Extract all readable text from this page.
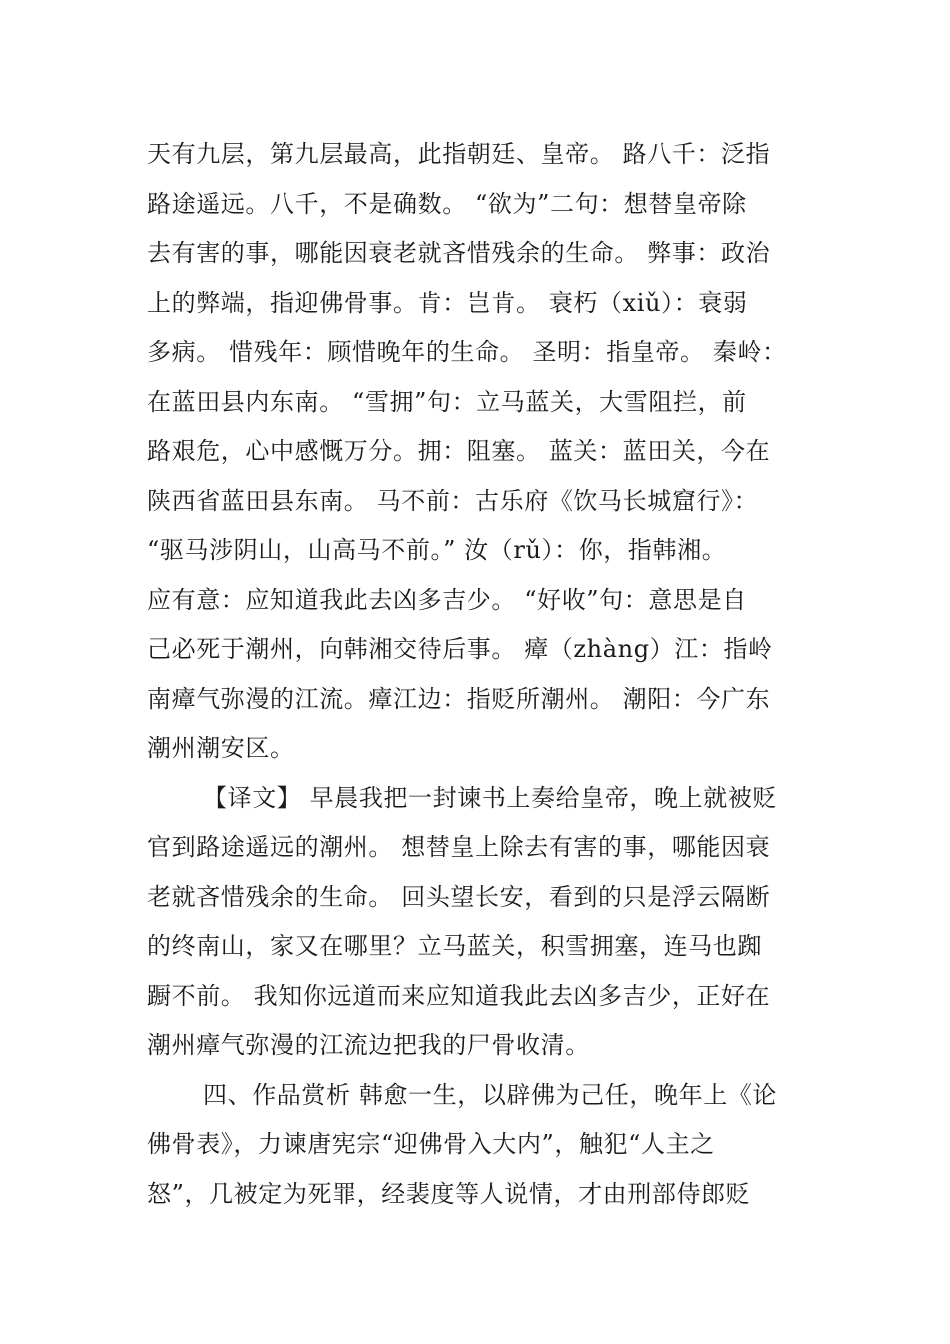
天有九层，第九层最高，此指朝廷、皇帝。 路八千：泛指
路途遥远。八千，不是确数。 “欲为”二句：想替皇帝除
去有害的事，哪能因衰老就吝惜残余的生命。 弊事：政治
上的弊端，指迎佛骨事。肯：岂肯。 衰朽（xiǔ）：衰弱
多病。 惜残年：顾惜晚年的生命。 圣明：指皇帝。 秦岭：
在蓝田县内东南。 “雪拥”句：立马蓝关，大雪阻拦，前
路艰危，心中感慨万分。拥：阻塞。 蓝关：蓝田关，今在
陕西省蓝田县东南。 马不前：古乐府《饮马长城窟行》：
“驱马涉阴山，山高马不前。” 汝（rǔ）：你，指韩湘。
应有意：应知道我此去凶多吉少。 “好收”句：意思是自
己必死于潮州，向韩湘交待后事。 瘴（zhàng）江：指岭
南瘴气弥漫的江流。瘴江边：指贬所潮州。 潮阳：今广东
潮州潮安区。
【译文】 早晨我把一封谏书上奏给皇帝，晚上就被贬
官到路途遥远的潮州。 想替皇上除去有害的事，哪能因衰
老就吝惜残余的生命。 回头望长安，看到的只是浮云隔断
的终南山，家又在哪里？立马蓝关，积雪拥塞，连马也踟
蹰不前。 我知你远道而来应知道我此去凶多吉少，正好在
潮州瘴气弥漫的江流边把我的尸骨收清。
四、作品赏析 韩愈一生，以辟佛为己任，晚年上《论
佛骨表》，力谏唐宪宗“迎佛骨入大内”，触犯“人主之
怒”，几被定为死罪，经裴度等人说情，才由刑部侍郎贬
